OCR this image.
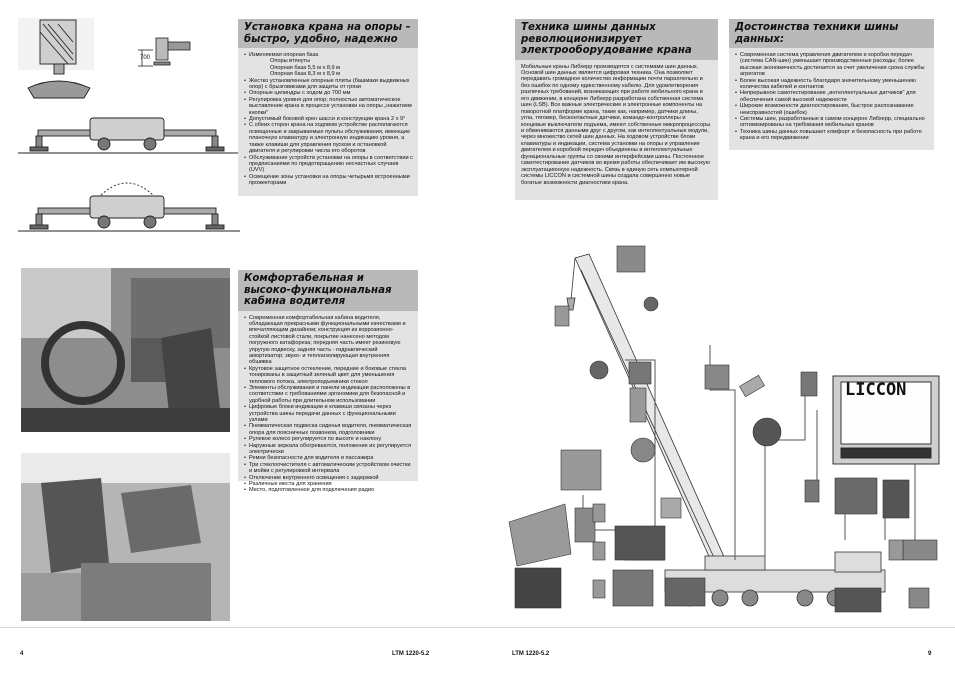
700
Установка крана на опоры – быстро, удобно, надежно
• Изменяемая опорная база
Опоры втянуты
Опорная база 5,5 м x 8,9 м
Опорная база 8,3 м x 8,9 м
• Жестко установленные опорные плиты (башмаки выдвижных опор) с брызговиками для защиты от грязи
• Опорные цилиндры с ходом до 700 мм
• Регулировка уровня для опор; полностью автоматическое выставление крана в процессе установки на опоры „нажатием кнопки"
• Допустимый боковой крен шасси и конструкции крана 2 x 9°
• С обеих сторон крана на ходовом устройстве располагаются освещенные и закрываемые пульты обслуживания, имеющие планочную клавиатуру и электронную индикацию уровня, а также клавиши для управления пуском и остановкой двигателя и регулировки числа его оборотов
• Обслуживание устройств установки на опоры в соответствии с предписаниями по предотвращению несчастных случаев (UVV)
• Освещение зоны установки на опоры четырьмя встроенными прожекторами
Комфортабельная и высоко-функциональная кабина водителя
• Современная комфортабельная кабина водителя, обладающая прекрасными функциональными качествами и впечатляющим дизайном; конструкция из коррозионно-стойкой листовой стали, покрытие нанесено методом погружного катафореза; передняя часть имеет резиновую упругую подвеску, задняя часть - гидравлический амортизатор; звуко- и теплоизолирующая внутренняя обшивка
• Крутовое защитное остекление, передние и боковые стекла тонированы в защитный зеленый цвет для уменьшения теплового потока, электроподъемники стекол
• Элементы обслуживания и панели индикации расположены в соответствии с требованиями эргономики для безопасной и удобной работы при длительном использовании
• Цифровые блоки индикации и клавиши связаны через устройства шины передачи данных с функциональными узлами
• Пневматическая подвеска сиденья водителя, пневматическая опора для поясничных позвонков, подголовники
• Рулевое колесо регулируется по высоте и наклону
• Наружные зеркала обогреваются, положение их регулируется электрически
• Ремни безопасности для водителя и пассажира
• Три стеклоочистителя с автоматическим устройством очистки и мойки с регулировкой интервала
• Отключение внутреннего освещения с задержкой
• Различные места для хранения
• Место, подготовленное для подключения радио
Техника шины данных революционизирует электрооборудование крана
Мобильные краны Либхерр производятся с системами шин данных. Основой шин данных является цифровая техника. Она позволяет передавать громадное количество информации почти параллельно и без ошибок по одному единственному кабелю. Для удовлетворения различных требований, возникающих при работе мобильного крана и его движении, в концерне Либхерр разработана собственная система шин (LSB). Все важные электрические и электронные компоненты на поворотной платформе крана, такие как, например, датчики длины, угла, тягомер, бесконтактные датчики, командо-контроллеры и концевые выключатели подъема, имеют собственные микропроцессоры и обмениваются данными друг с другом, как интеллектуальные модули, через множество сетей шин данных. На ходовом устройстве блоки клавиатуры и индикации, система установки на опоры и управление двигателем и коробкой передач объединены в интеллектуальные функциональные группы со своими интерфейсами шины. Постоянное самотестирование датчиков во время работы обеспечивает им высокую эксплуатационную надежность. Связь в единую сеть компьютерной системы LICCON и системной шины создала совершенно новые богатые возможности диагностики крана.
Достоинства техники шины данных:
• Современная система управления двигателем и коробки передач (система CAN-шин) уменьшает производственные расходы; более высокая экономичность достигается за счет увеличения срока службы агрегатов
• Более высокая надежность благодаря значительному уменьшению количества кабелей и контактов
• Непрерывное самотестирование „интеллектуальных датчиков" для обеспечения самой высокой надежности
• Широкие возможности диагностирования, быстрое распознавание неисправностей (ошибок)
• Системы шин, разработанные в самом концерне Либхерр, специально оптимизированы на требования мобильных кранов
• Техника шины данных повышает комфорт и безопасность при работе крана и его передвижении
LICCON
4	LTM 1220-5.2	LTM 1220-5.2	9
